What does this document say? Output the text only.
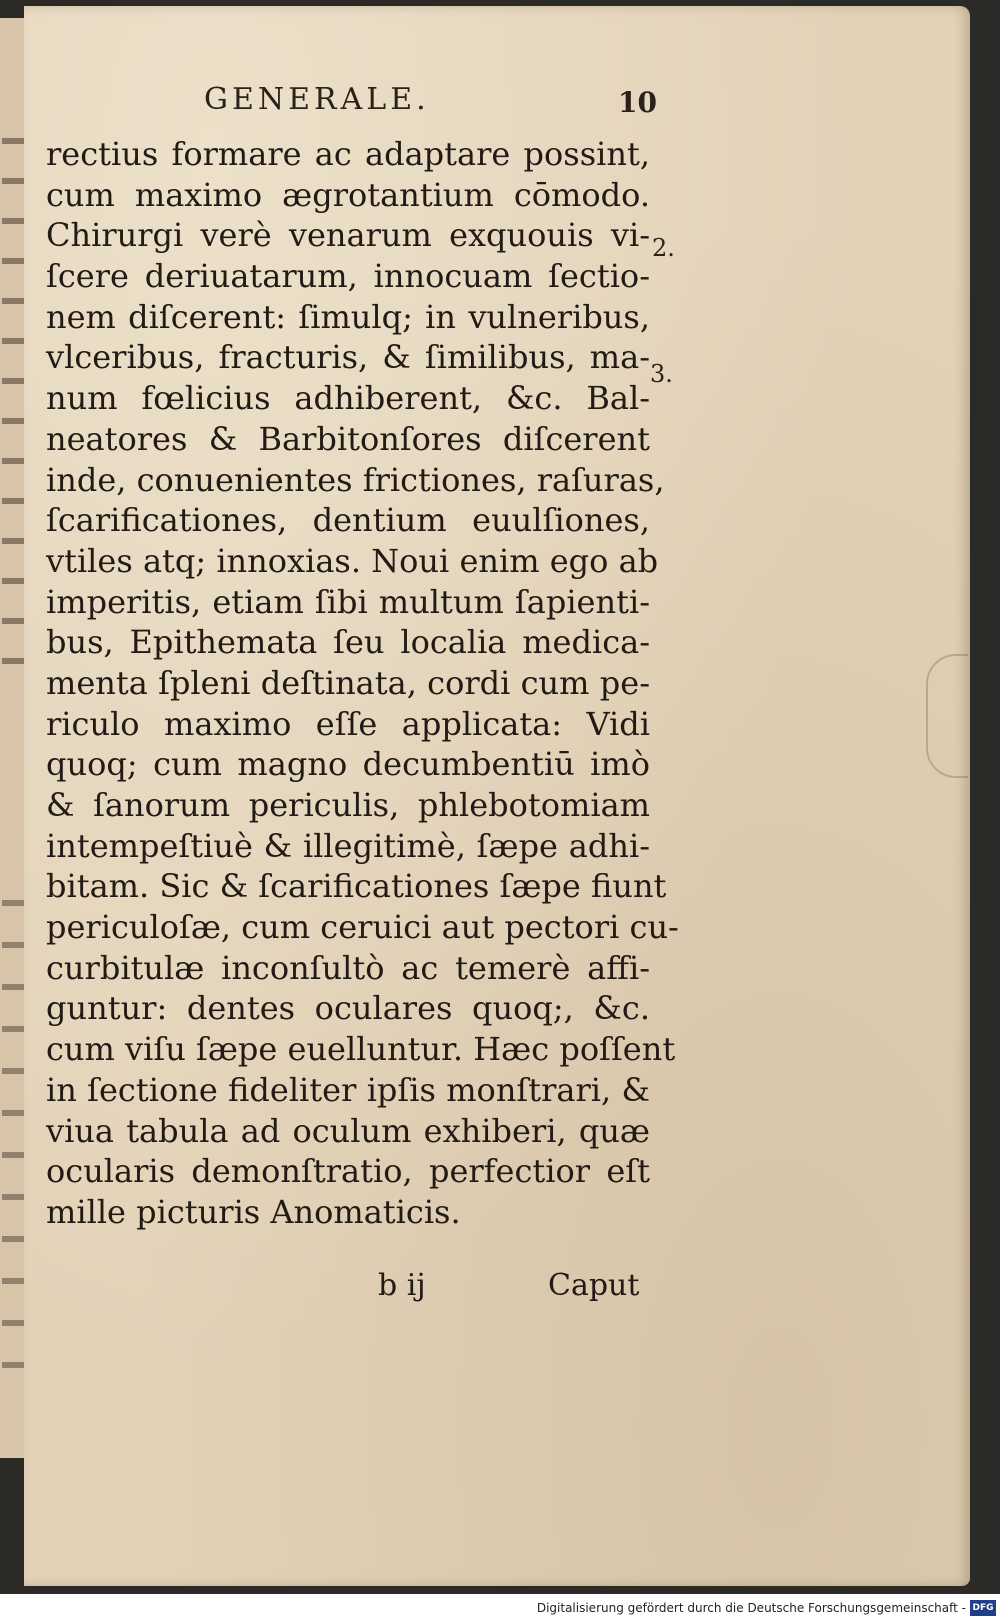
GENERALE.	10
2.
3.
rectius formare ac adaptare possint,
cum maximo ægrotantium cōmodo.
Chirurgi verè venarum exquouis vi-
ſcere deriuatarum, innocuam ſectio-
nem diſcerent: ſimulq; in vulneribus,
vlceribus, fracturis, & ſimilibus, ma-
num fœlicius adhiberent, &c. Bal-
neatores & Barbitonſores diſcerent
inde, conuenientes frictiones, raſuras,
ſcarificationes, dentium euulſiones,
vtiles atq; innoxias. Noui enim ego ab
imperitis, etiam ſibi multum ſapienti-
bus, Epithemata ſeu localia medica-
menta ſpleni deſtinata, cordi cum pe-
riculo maximo eſſe applicata: Vidi
quoq; cum magno decumbentiū imò
& ſanorum periculis, phlebotomiam
intempeſtiuè & illegitimè, ſæpe adhi-
bitam. Sic & ſcarificationes ſæpe fiunt
periculoſæ, cum ceruici aut pectori cu-
curbitulæ inconſultò ac temerè affi-
guntur: dentes oculares quoq;, &c.
cum viſu ſæpe euelluntur. Hæc poſſent
in ſectione fideliter ipſis monſtrari, &
viua tabula ad oculum exhiberi, quæ
ocularis demonſtratio, perfectior eſt
mille picturis Anomaticis.
b ij	Caput
Digitalisierung gefördert durch die Deutsche Forschungsgemeinschaft - DFG
